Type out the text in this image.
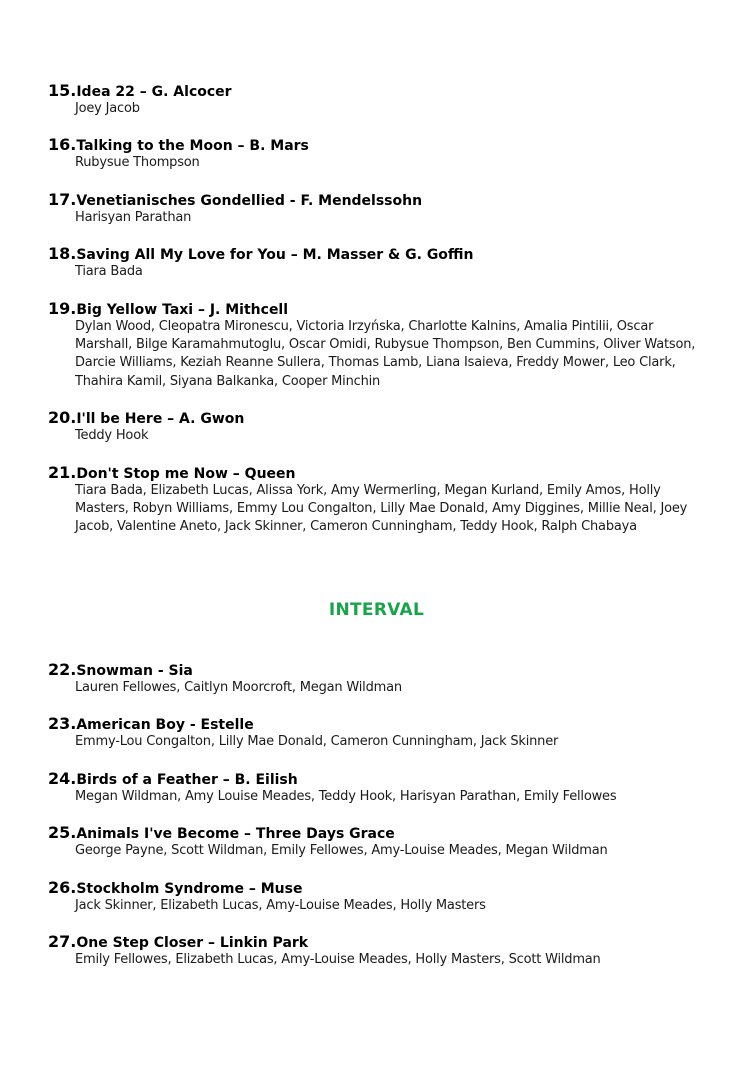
15.Idea 22 – G. Alcocer
Joey Jacob
16.Talking to the Moon – B. Mars
Rubysue Thompson
17.Venetianisches Gondellied - F. Mendelssohn
Harisyan Parathan
18.Saving All My Love for You – M. Masser & G. Goffin
Tiara Bada
19.Big Yellow Taxi – J. Mithcell
Dylan Wood, Cleopatra Mironescu, Victoria Irzyńska, Charlotte Kalnins, Amalia Pintilii, Oscar Marshall, Bilge Karamahmutoglu, Oscar Omidi, Rubysue Thompson, Ben Cummins, Oliver Watson, Darcie Williams, Keziah Reanne Sullera, Thomas Lamb, Liana Isaieva, Freddy Mower, Leo Clark, Thahira Kamil, Siyana Balkanka, Cooper Minchin
20.I'll be Here – A. Gwon
Teddy Hook
21.Don't Stop me Now – Queen
Tiara Bada, Elizabeth Lucas, Alissa York, Amy Wermerling, Megan Kurland, Emily Amos, Holly Masters, Robyn Williams, Emmy Lou Congalton, Lilly Mae Donald, Amy Diggines, Millie Neal, Joey Jacob, Valentine Aneto, Jack Skinner, Cameron Cunningham, Teddy Hook, Ralph Chabaya
INTERVAL
22.Snowman - Sia
Lauren Fellowes, Caitlyn Moorcroft, Megan Wildman
23.American Boy - Estelle
Emmy-Lou Congalton, Lilly Mae Donald, Cameron Cunningham, Jack Skinner
24.Birds of a Feather – B. Eilish
Megan Wildman, Amy Louise Meades, Teddy Hook, Harisyan Parathan, Emily Fellowes
25.Animals I've Become – Three Days Grace
George Payne, Scott Wildman, Emily Fellowes, Amy-Louise Meades, Megan Wildman
26.Stockholm Syndrome – Muse
Jack Skinner, Elizabeth Lucas, Amy-Louise Meades, Holly Masters
27.One Step Closer – Linkin Park
Emily Fellowes, Elizabeth Lucas, Amy-Louise Meades, Holly Masters, Scott Wildman
